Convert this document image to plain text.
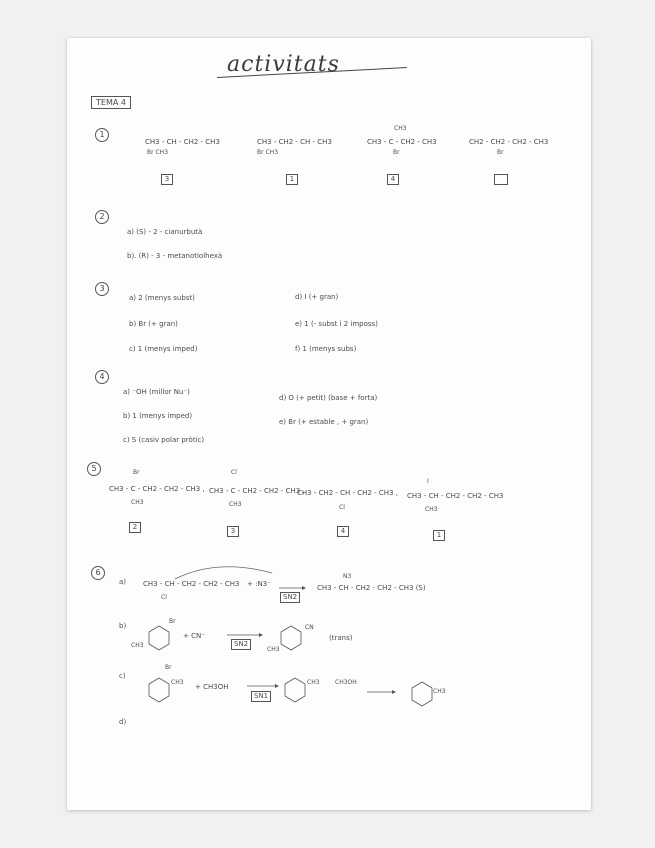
activitats
TEMA 4
1
CH3 - CH - CH2 - CH3
Br CH3
3
CH3 - CH2 - CH - CH3
Br CH3
1
CH3
CH3 - C - CH2 - CH3
Br
4
CH2 - CH2 - CH2 - CH3
Br
2
a) (S) - 2 - cianurbutà
b). (R) - 3 - metanotiolhexà
3
a) 2 (menys subst)
b) Br (+ gran)
c) 1 (menys imped)
d) I (+ gran)
e) 1 (- subst i 2 imposs)
f) 1 (menys subs)
4
a) ⁻OH (millor Nu⁻)
b) 1 (menys imped)
c) S (casiv polar pròtic)
d) O (+ petit) (base + forta)
e) Br (+ estable , + gran)
5	Br
CH3 - C - CH2 - CH2 - CH3 ,
CH3
2
Cl
CH3 - C - CH2 - CH2 - CH3 ,
CH3
3
CH3 - CH2 - CH - CH2 - CH3 ,
Cl
4
I
CH3 - CH - CH2 - CH2 - CH3
CH3
1
6
a) CH3 - CH - CH2 - CH2 - CH3
Cl
+ :N3⁻
SN2
N3
CH3 - CH - CH2 - CH2 - CH3 (S)
b)
Br
CH3
+ CN⁻
SN2
CN
CH3
(trans)
c)
Br
CH3
+ CH3OH
SN1
CH3	CH3OH
CH3
d)
